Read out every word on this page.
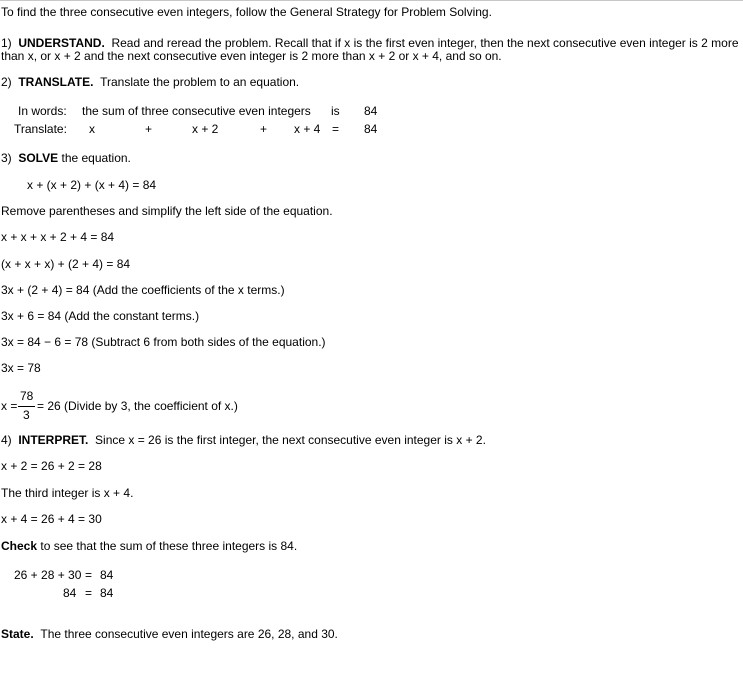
To find the three consecutive even integers, follow the General Strategy for Problem Solving.
1) UNDERSTAND. Read and reread the problem. Recall that if x is the first even integer, then the next consecutive even integer is 2 more
than x, or x + 2 and the next consecutive even integer is 2 more than x + 2 or x + 4, and so on.
2) TRANSLATE. Translate the problem to an equation.
In words: the sum of three consecutive even integers is 84
Translate: x	+	x + 2	+ x + 4 = 84
3) SOLVE the equation.
x + (x + 2) + (x + 4) = 84
Remove parentheses and simplify the left side of the equation.
x + x + x + 2 + 4 = 84
(x + x + x) + (2 + 4) = 84
3x + (2 + 4) = 84 (Add the coefficients of the x terms.)
3x + 6 = 84 (Add the constant terms.)
3x = 84 − 6 = 78 (Subtract 6 from both sides of the equation.)
3x = 78
x =
78
3
= 26 (Divide by 3, the coefficient of x.)
4) INTERPRET. Since x = 26 is the first integer, the next consecutive even integer is x + 2.
x + 2 = 26 + 2 = 28
The third integer is x + 4.
x + 4 = 26 + 4 = 30
Check to see that the sum of these three integers is 84.
26 + 28 + 30 = 84
84 = 84
State. The three consecutive even integers are 26, 28, and 30.
